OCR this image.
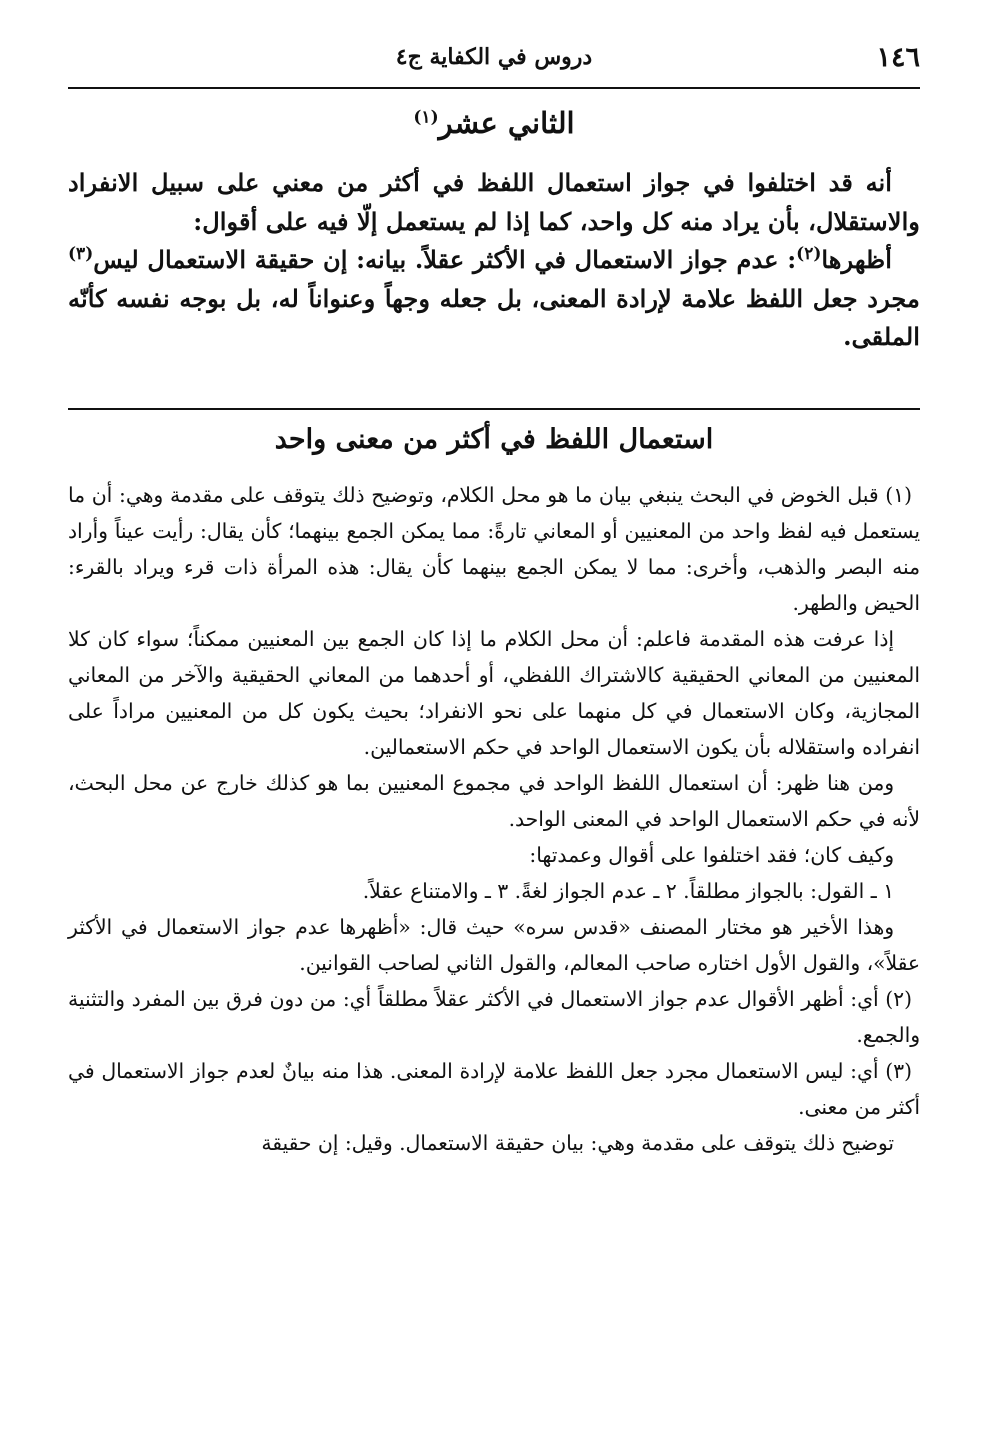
١٤٦
دروس في الكفاية ج٤
الثاني عشر$^{(١)}$

أنه قد اختلفوا في جواز استعمال اللفظ في أكثر من معني على سبيل الانفراد والاستقلال، بأن يراد منه كل واحد، كما إذا لم يستعمل إلّا فيه على أقوال:

أظهرها$^{(٢)}$: عدم جواز الاستعمال في الأكثر عقلاً. بيانه: إن حقيقة الاستعمال ليس$^{(٣)}$ مجرد جعل اللفظ علامة لإرادة المعنى، بل جعله وجهاً وعنواناً له، بل بوجه نفسه كأنّه الملقى.

استعمال اللفظ في أكثر من معنى واحد

(١) قبل الخوض في البحث ينبغي بيان ما هو محل الكلام، وتوضيح ذلك يتوقف على مقدمة وهي: أن ما يستعمل فيه لفظ واحد من المعنيين أو المعاني تارةً: مما يمكن الجمع بينهما؛ كأن يقال: رأيت عيناً وأراد منه البصر والذهب، وأخرى: مما لا يمكن الجمع بينهما كأن يقال: هذه المرأة ذات قرء ويراد بالقرء: الحيض والطهر.

إذا عرفت هذه المقدمة فاعلم: أن محل الكلام ما إذا كان الجمع بين المعنيين ممكناً؛ سواء كان كلا المعنيين من المعاني الحقيقية كالاشتراك اللفظي، أو أحدهما من المعاني الحقيقية والآخر من المعاني المجازية، وكان الاستعمال في كل منهما على نحو الانفراد؛ بحيث يكون كل من المعنيين مراداً على انفراده واستقلاله بأن يكون الاستعمال الواحد في حكم الاستعمالين.

ومن هنا ظهر: أن استعمال اللفظ الواحد في مجموع المعنيين بما هو كذلك خارج عن محل البحث، لأنه في حكم الاستعمال الواحد في المعنى الواحد.

وكيف كان؛ فقد اختلفوا على أقوال وعمدتها:

١ ـ القول: بالجواز مطلقاً. ٢ ـ عدم الجواز لغةً. ٣ ـ والامتناع عقلاً.

وهذا الأخير هو مختار المصنف «قدس سره» حيث قال: «أظهرها عدم جواز الاستعمال في الأكثر عقلاً»، والقول الأول اختاره صاحب المعالم، والقول الثاني لصاحب القوانين.

(٢) أي: أظهر الأقوال عدم جواز الاستعمال في الأكثر عقلاً مطلقاً أي: من دون فرق بين المفرد والتثنية والجمع.

(٣) أي: ليس الاستعمال مجرد جعل اللفظ علامة لإرادة المعنى. هذا منه بيانٌ لعدم جواز الاستعمال في أكثر من معنى.

توضيح ذلك يتوقف على مقدمة وهي: بيان حقيقة الاستعمال. وقيل: إن حقيقة
